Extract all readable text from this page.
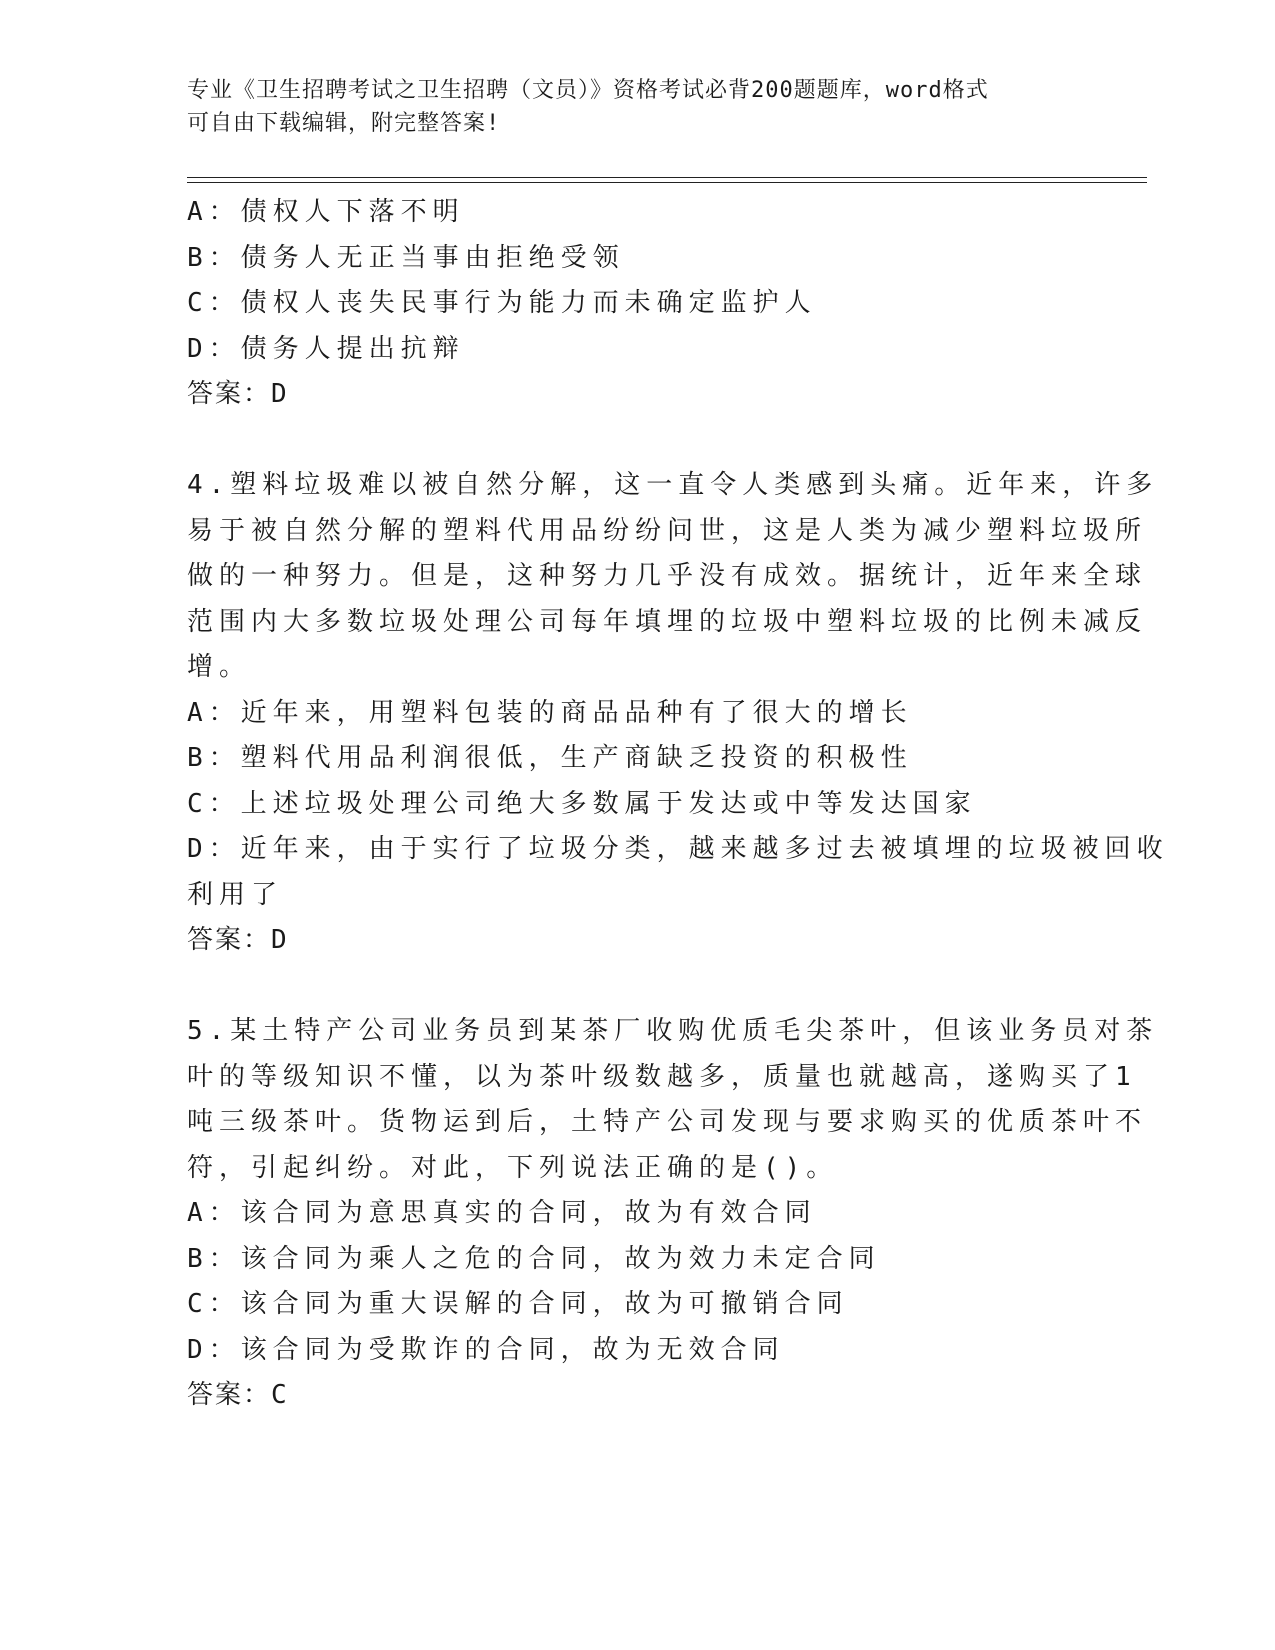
专业《卫生招聘考试之卫生招聘（文员）》资格考试必背200题题库，word格式
可自由下载编辑，附完整答案!
A：债权人下落不明
B：债务人无正当事由拒绝受领
C：债权人丧失民事行为能力而未确定监护人
D：债务人提出抗辩
答案：D
4.塑料垃圾难以被自然分解，这一直令人类感到头痛。近年来，许多
易于被自然分解的塑料代用品纷纷问世，这是人类为减少塑料垃圾所
做的一种努力。但是，这种努力几乎没有成效。据统计，近年来全球
范围内大多数垃圾处理公司每年填埋的垃圾中塑料垃圾的比例未减反
增。
A：近年来，用塑料包装的商品品种有了很大的增长
B：塑料代用品利润很低，生产商缺乏投资的积极性
C：上述垃圾处理公司绝大多数属于发达或中等发达国家
D：近年来，由于实行了垃圾分类，越来越多过去被填埋的垃圾被回收
利用了
答案：D
5.某土特产公司业务员到某茶厂收购优质毛尖茶叶，但该业务员对茶
叶的等级知识不懂，以为茶叶级数越多，质量也就越高，遂购买了1
吨三级茶叶。货物运到后，土特产公司发现与要求购买的优质茶叶不
符，引起纠纷。对此，下列说法正确的是()。
A：该合同为意思真实的合同，故为有效合同
B：该合同为乘人之危的合同，故为效力未定合同
C：该合同为重大误解的合同，故为可撤销合同
D：该合同为受欺诈的合同，故为无效合同
答案：C
